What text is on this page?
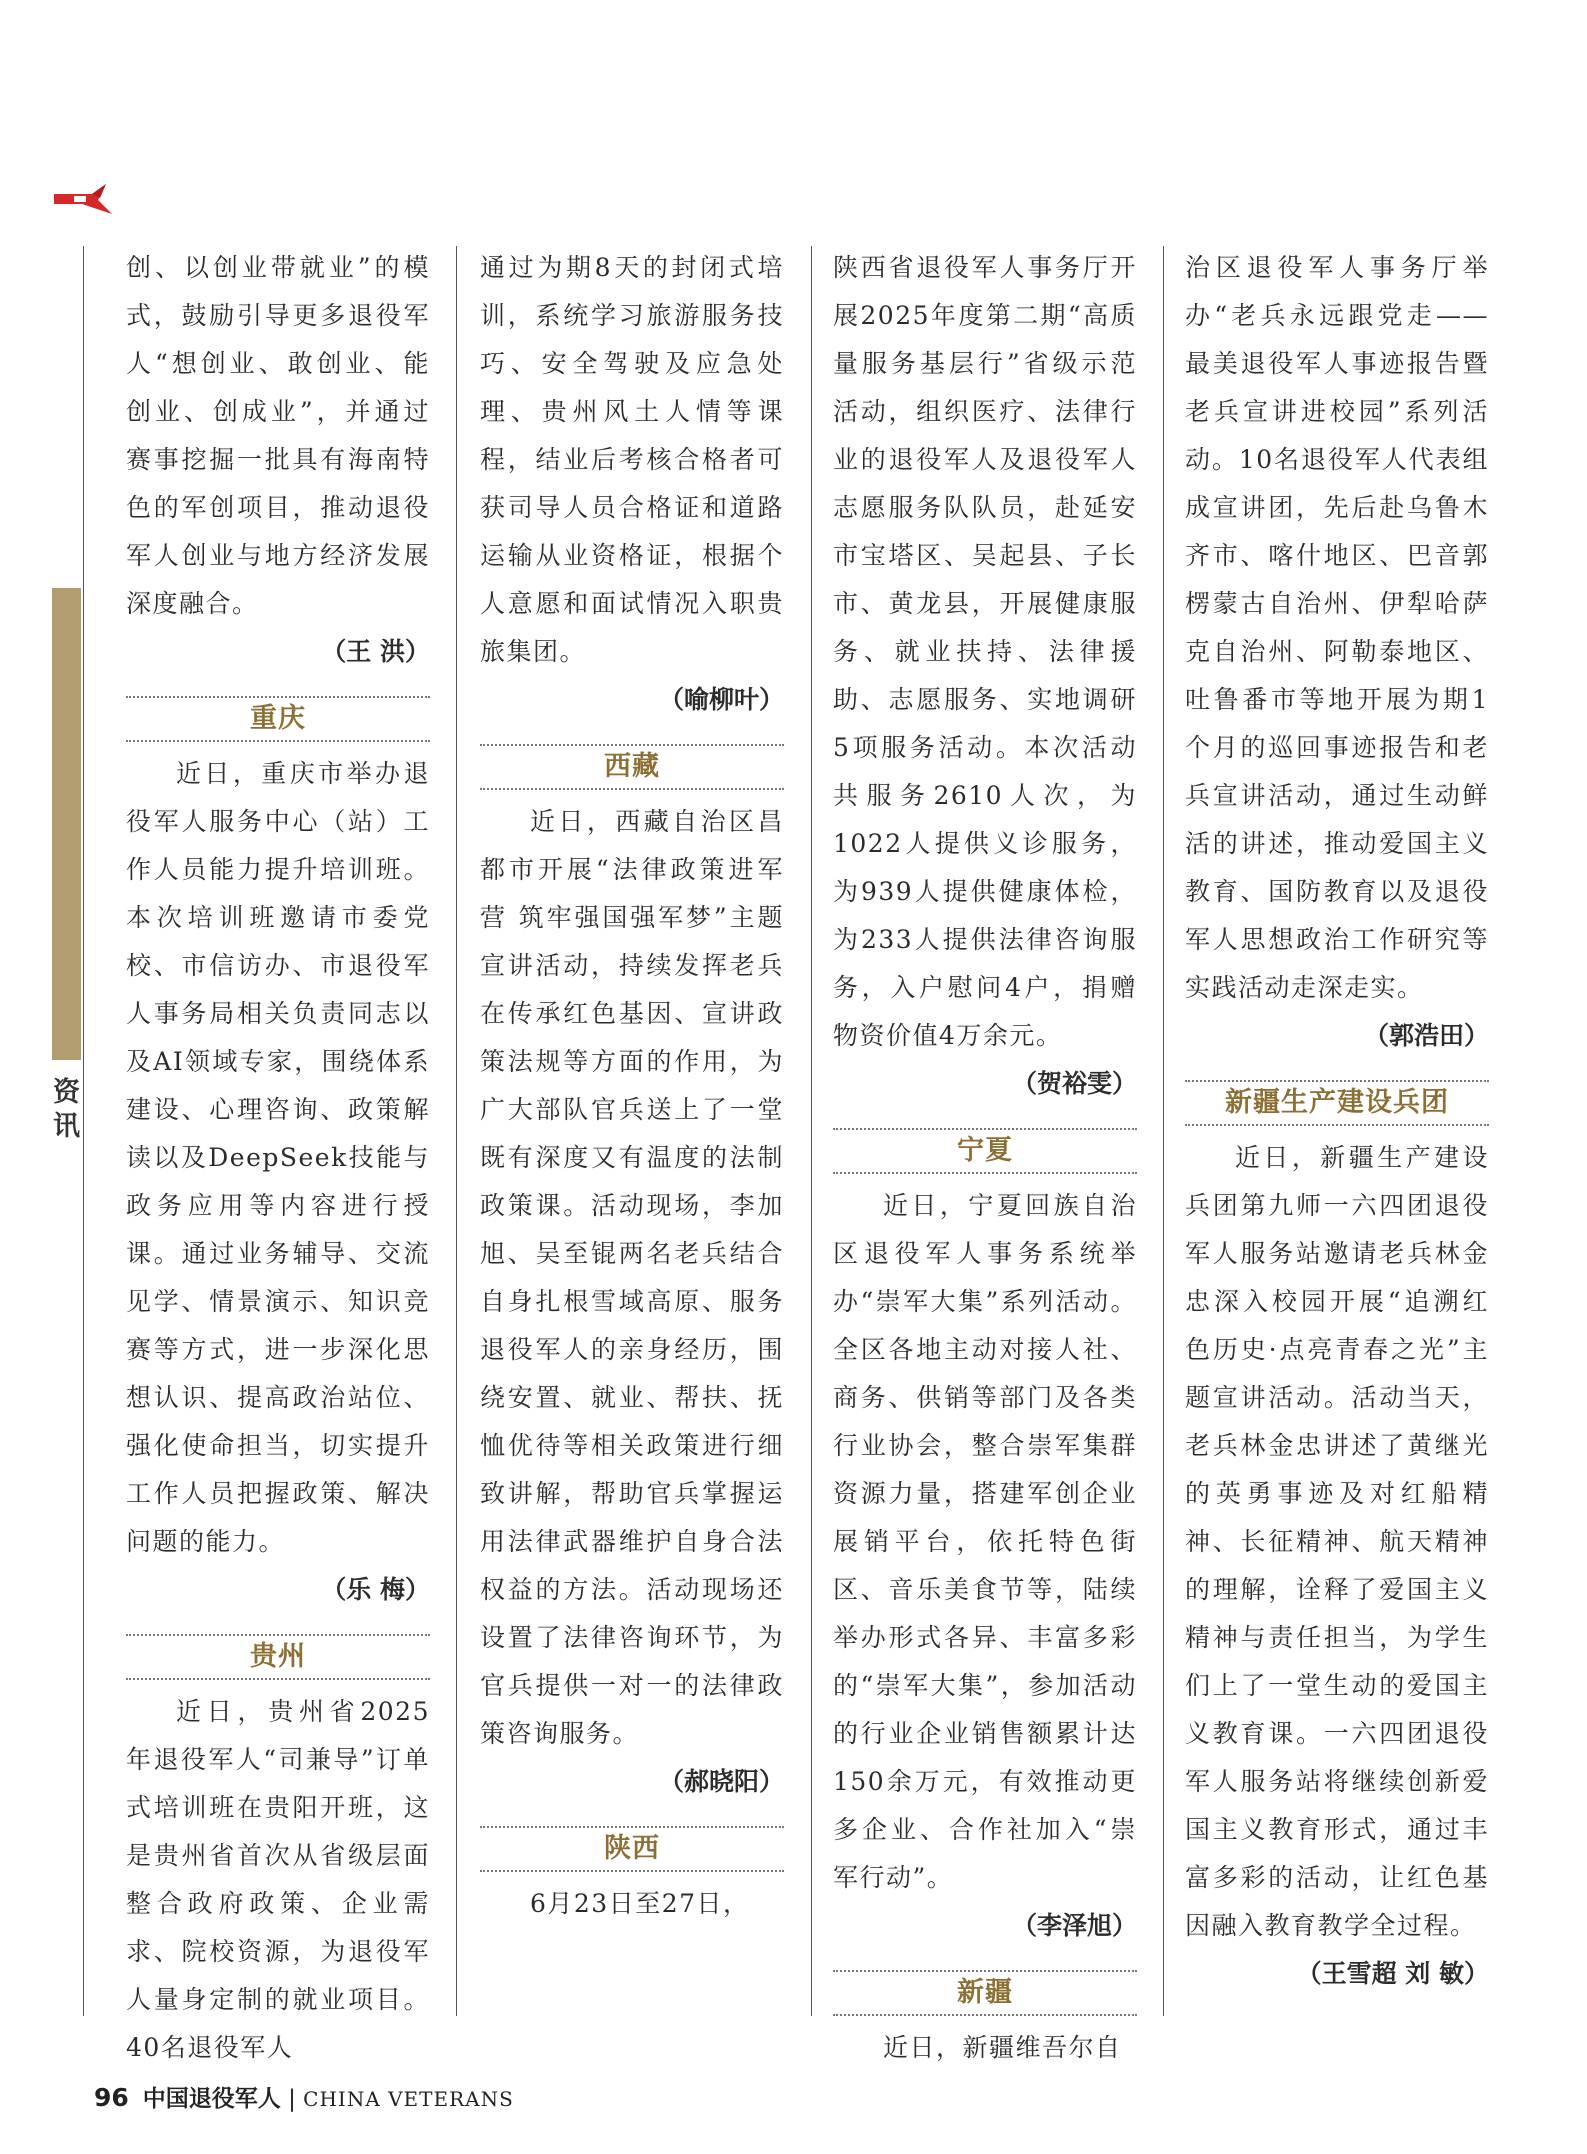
资
讯

创、以创业带就业”的模式，鼓励引导更多退役军人“想创业、敢创业、能创业、创成业”，并通过赛事挖掘一批具有海南特色的军创项目，推动退役军人创业与地方经济发展深度融合。

（王 洪）

重庆

近日，重庆市举办退役军人服务中心（站）工作人员能力提升培训班。本次培训班邀请市委党校、市信访办、市退役军人事务局相关负责同志以及AI领域专家，围绕体系建设、心理咨询、政策解读以及DeepSeek技能与政务应用等内容进行授课。通过业务辅导、交流见学、情景演示、知识竞赛等方式，进一步深化思想认识、提高政治站位、强化使命担当，切实提升工作人员把握政策、解决问题的能力。

（乐 梅）

贵州

近日，贵州省2025年退役军人“司兼导”订单式培训班在贵阳开班，这是贵州省首次从省级层面整合政府政策、企业需求、院校资源，为退役军人量身定制的就业项目。40名退役军人

通过为期8天的封闭式培训，系统学习旅游服务技巧、安全驾驶及应急处理、贵州风土人情等课程，结业后考核合格者可获司导人员合格证和道路运输从业资格证，根据个人意愿和面试情况入职贵旅集团。

（喻柳叶）

西藏

近日，西藏自治区昌都市开展“法律政策进军营 筑牢强国强军梦”主题宣讲活动，持续发挥老兵在传承红色基因、宣讲政策法规等方面的作用，为广大部队官兵送上了一堂既有深度又有温度的法制政策课。活动现场，李加旭、吴至锟两名老兵结合自身扎根雪域高原、服务退役军人的亲身经历，围绕安置、就业、帮扶、抚恤优待等相关政策进行细致讲解，帮助官兵掌握运用法律武器维护自身合法权益的方法。活动现场还设置了法律咨询环节，为官兵提供一对一的法律政策咨询服务。

（郝晓阳）

陕西

6月23日至27日，

陕西省退役军人事务厅开展2025年度第二期“高质量服务基层行”省级示范活动，组织医疗、法律行业的退役军人及退役军人志愿服务队队员，赴延安市宝塔区、吴起县、子长市、黄龙县，开展健康服务、就业扶持、法律援助、志愿服务、实地调研5项服务活动。本次活动共服务2610人次，为1022人提供义诊服务，为939人提供健康体检，为233人提供法律咨询服务，入户慰问4户，捐赠物资价值4万余元。

（贺裕雯）

宁夏

近日，宁夏回族自治区退役军人事务系统举办“崇军大集”系列活动。全区各地主动对接人社、商务、供销等部门及各类行业协会，整合崇军集群资源力量，搭建军创企业展销平台，依托特色街区、音乐美食节等，陆续举办形式各异、丰富多彩的“崇军大集”，参加活动的行业企业销售额累计达150余万元，有效推动更多企业、合作社加入“崇军行动”。

（李泽旭）

新疆

近日，新疆维吾尔自

治区退役军人事务厅举办“老兵永远跟党走——最美退役军人事迹报告暨老兵宣讲进校园”系列活动。10名退役军人代表组成宣讲团，先后赴乌鲁木齐市、喀什地区、巴音郭楞蒙古自治州、伊犁哈萨克自治州、阿勒泰地区、吐鲁番市等地开展为期1个月的巡回事迹报告和老兵宣讲活动，通过生动鲜活的讲述，推动爱国主义教育、国防教育以及退役军人思想政治工作研究等实践活动走深走实。

（郭浩田）

新疆生产建设兵团

近日，新疆生产建设兵团第九师一六四团退役军人服务站邀请老兵林金忠深入校园开展“追溯红色历史·点亮青春之光”主题宣讲活动。活动当天，老兵林金忠讲述了黄继光的英勇事迹及对红船精神、长征精神、航天精神的理解，诠释了爱国主义精神与责任担当，为学生们上了一堂生动的爱国主义教育课。一六四团退役军人服务站将继续创新爱国主义教育形式，通过丰富多彩的活动，让红色基因融入教育教学全过程。

（王雪超 刘 敏）

96 中国退役军人 | CHINA VETERANS
